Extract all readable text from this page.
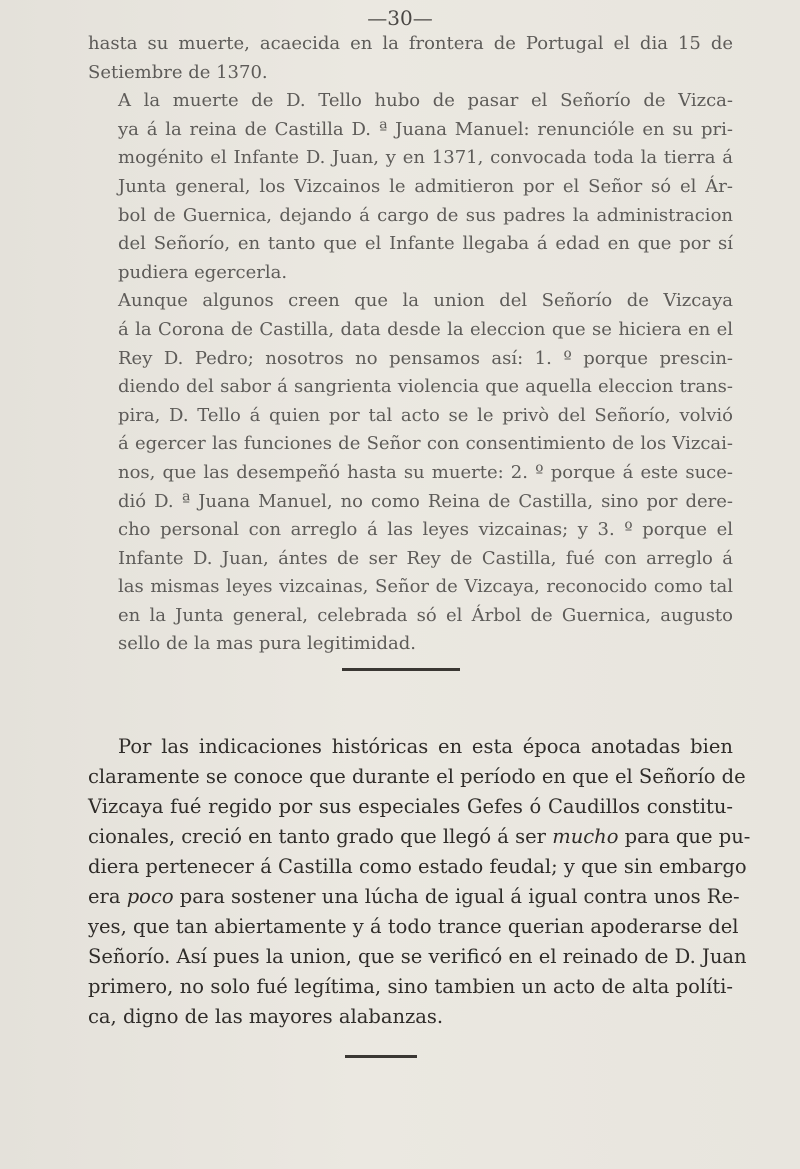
—30—

hasta su muerte, acaecida en la frontera de Portugal el dia 15 de
Setiembre de 1370.

A la muerte de D. Tello hubo de pasar el Señorío de Vizca-
ya á la reina de Castilla D. ª Juana Manuel: renuncióle en su pri-
mogénito el Infante D. Juan, y en 1371, convocada toda la tierra á
Junta general, los Vizcainos le admitieron por el Señor só el Ár-
bol de Guernica, dejando á cargo de sus padres la administracion
del Señorío, en tanto que el Infante llegaba á edad en que por sí
pudiera egercerla.

Aunque algunos creen que la union del Señorío de Vizcaya
á la Corona de Castilla, data desde la eleccion que se hiciera en el
Rey D. Pedro; nosotros no pensamos así: 1. º porque prescin-
diendo del sabor á sangrienta violencia que aquella eleccion trans-
pira, D. Tello á quien por tal acto se le privò del Señorío, volvió
á egercer las funciones de Señor con consentimiento de los Vizcai-
nos, que las desempeñó hasta su muerte: 2. º porque á este suce-
dió D. ª Juana Manuel, no como Reina de Castilla, sino por dere-
cho personal con arreglo á las leyes vizcainas; y 3. º porque el
Infante D. Juan, ántes de ser Rey de Castilla, fué con arreglo á
las mismas leyes vizcainas, Señor de Vizcaya, reconocido como tal
en la Junta general, celebrada só el Árbol de Guernica, augusto
sello de la mas pura legitimidad.

Por las indicaciones históricas en esta época anotadas bien
claramente se conoce que durante el período en que el Señorío de
Vizcaya fué regido por sus especiales Gefes ó Caudillos constitu-
cionales, creció en tanto grado que llegó á ser mucho para que pu-
diera pertenecer á Castilla como estado feudal; y que sin embargo
era poco para sostener una lúcha de igual á igual contra unos Re-
yes, que tan abiertamente y á todo trance querian apoderarse del
Señorío. Así pues la union, que se verificó en el reinado de D. Juan
primero, no solo fué legítima, sino tambien un acto de alta políti-
ca, digno de las mayores alabanzas.
